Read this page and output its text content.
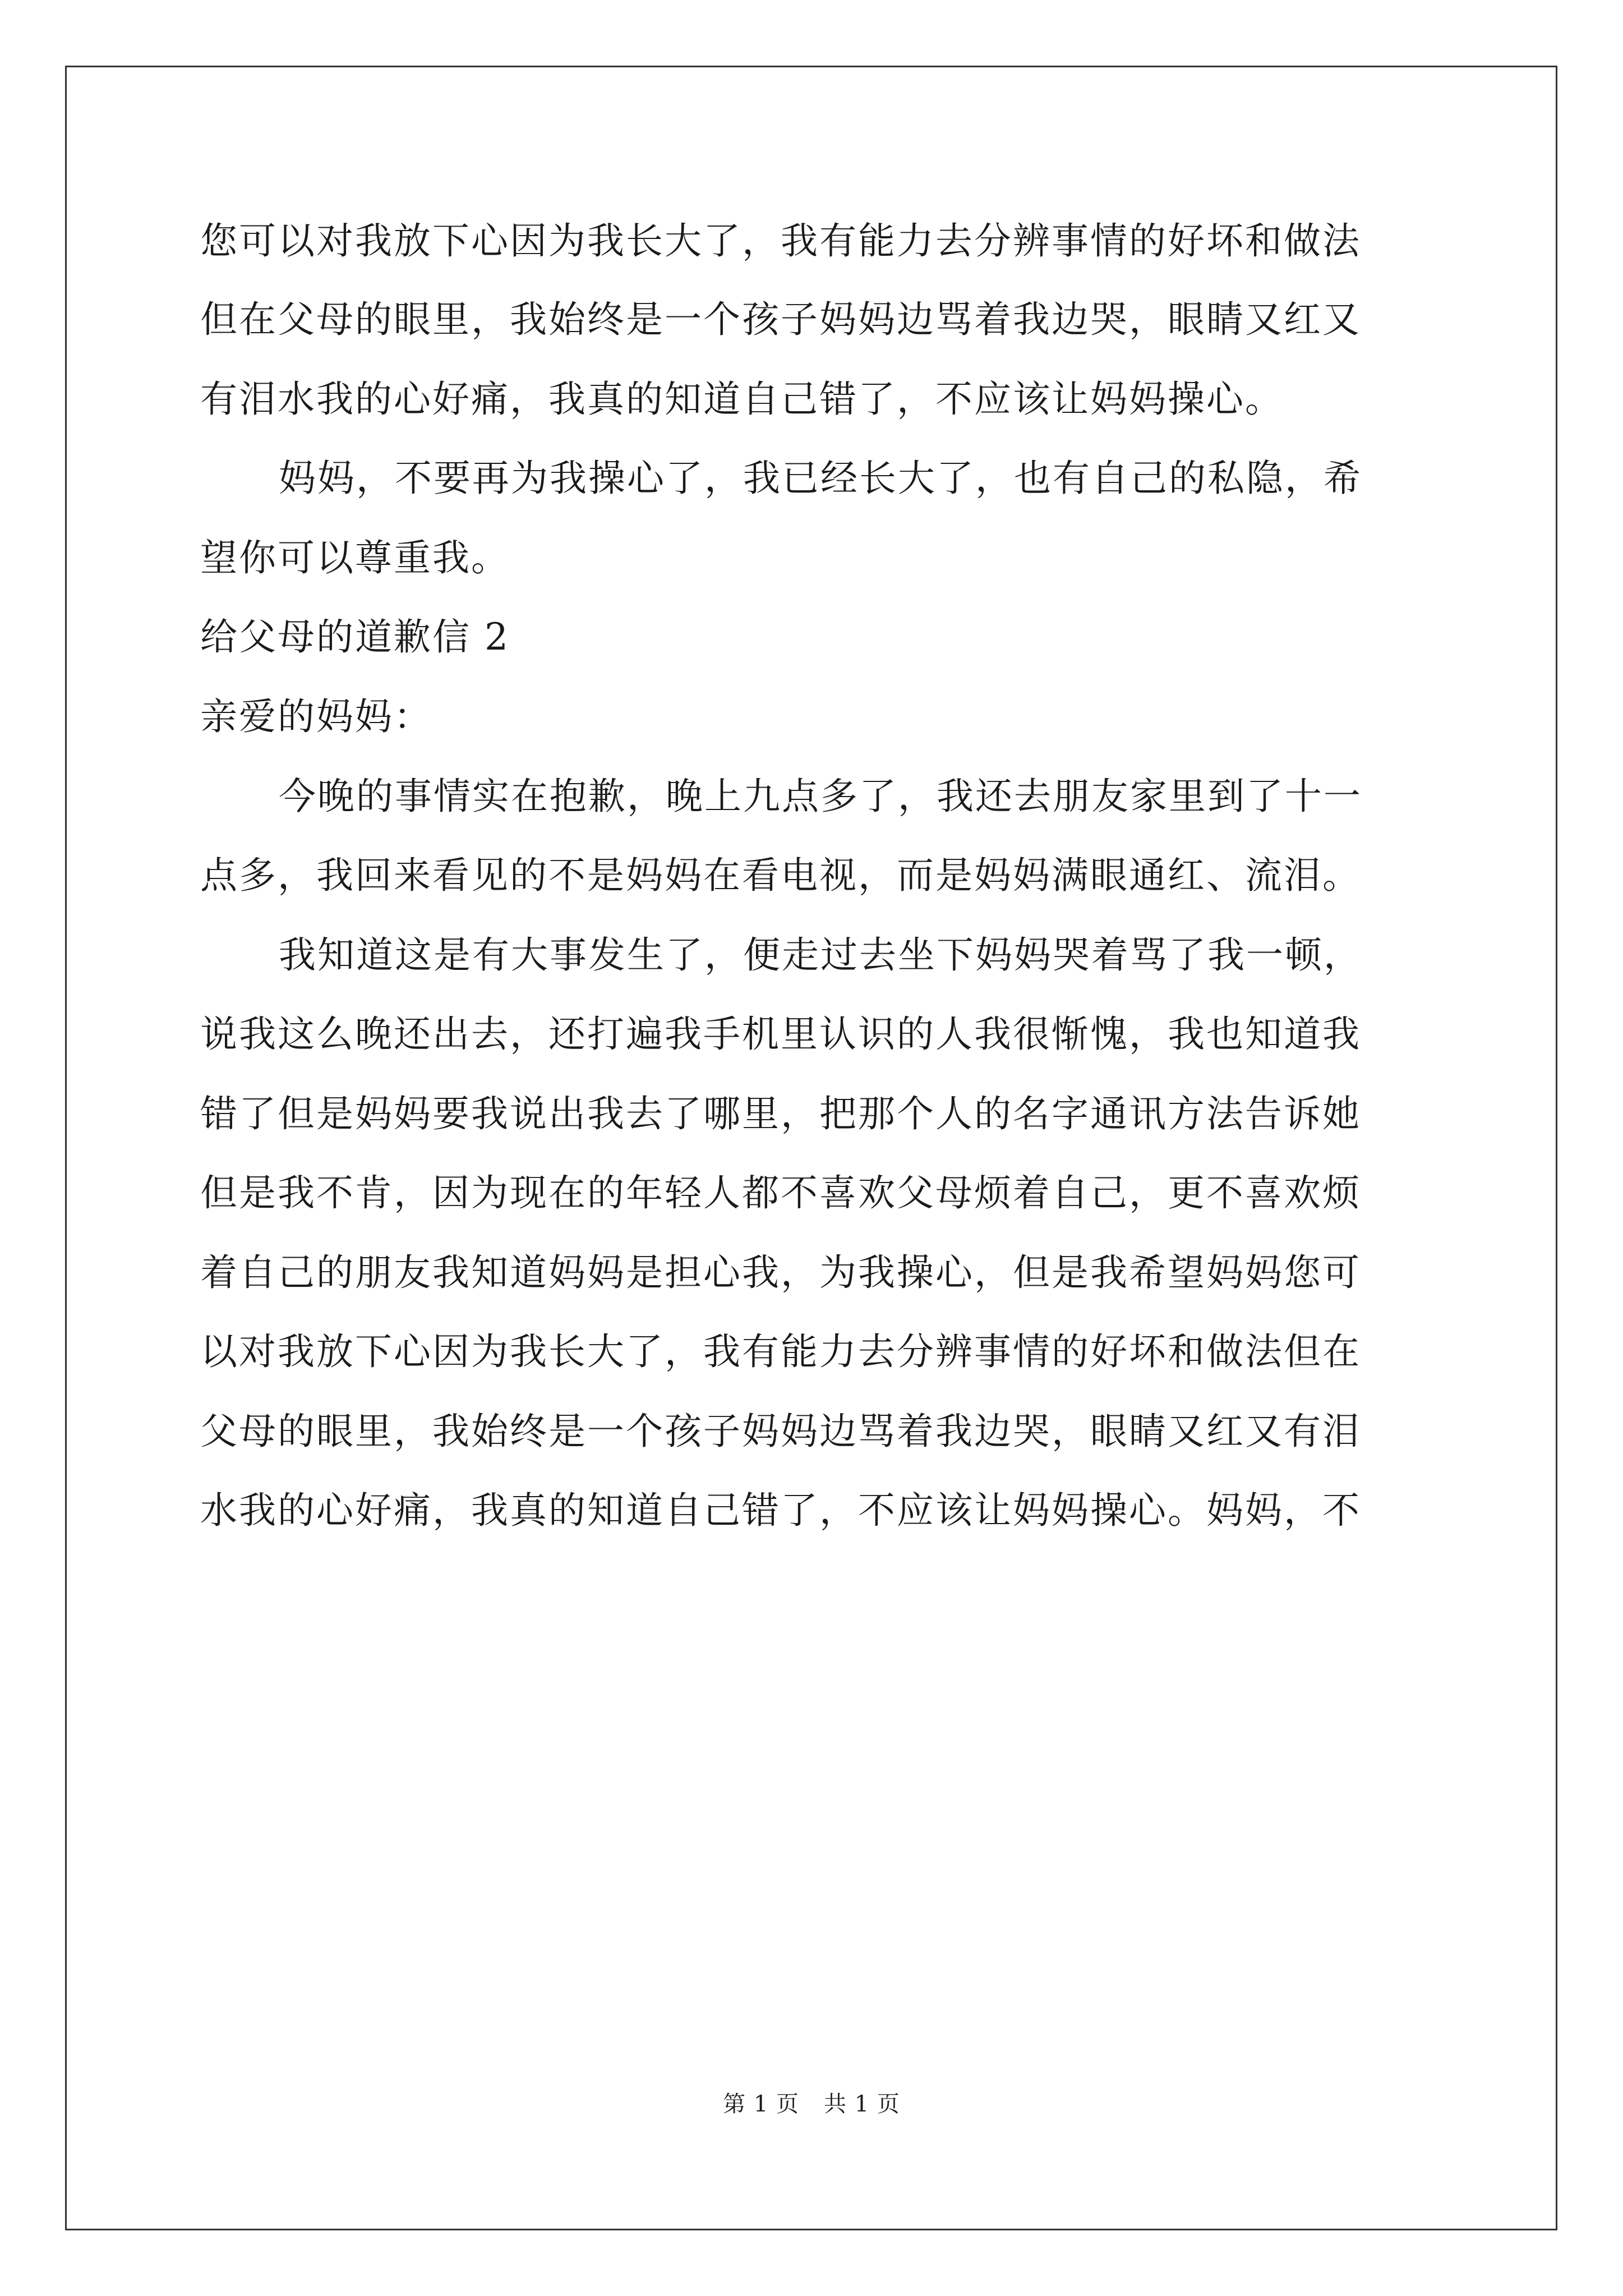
您可以对我放下心因为我长大了，我有能力去分辨事情的好坏和做法
但在父母的眼里，我始终是一个孩子妈妈边骂着我边哭，眼睛又红又
有泪水我的心好痛，我真的知道自己错了，不应该让妈妈操心。
妈妈，不要再为我操心了，我已经长大了，也有自己的私隐，希
望你可以尊重我。
给父母的道歉信 2
亲爱的妈妈：
今晚的事情实在抱歉，晚上九点多了，我还去朋友家里到了十一
点多，我回来看见的不是妈妈在看电视，而是妈妈满眼通红、流泪。
我知道这是有大事发生了，便走过去坐下妈妈哭着骂了我一顿，
说我这么晚还出去，还打遍我手机里认识的人我很惭愧，我也知道我
错了但是妈妈要我说出我去了哪里，把那个人的名字通讯方法告诉她
但是我不肯，因为现在的年轻人都不喜欢父母烦着自己，更不喜欢烦
着自己的朋友我知道妈妈是担心我，为我操心，但是我希望妈妈您可
以对我放下心因为我长大了，我有能力去分辨事情的好坏和做法但在
父母的眼里，我始终是一个孩子妈妈边骂着我边哭，眼睛又红又有泪
水我的心好痛，我真的知道自己错了，不应该让妈妈操心。妈妈，不
第 1 页 共 1 页
